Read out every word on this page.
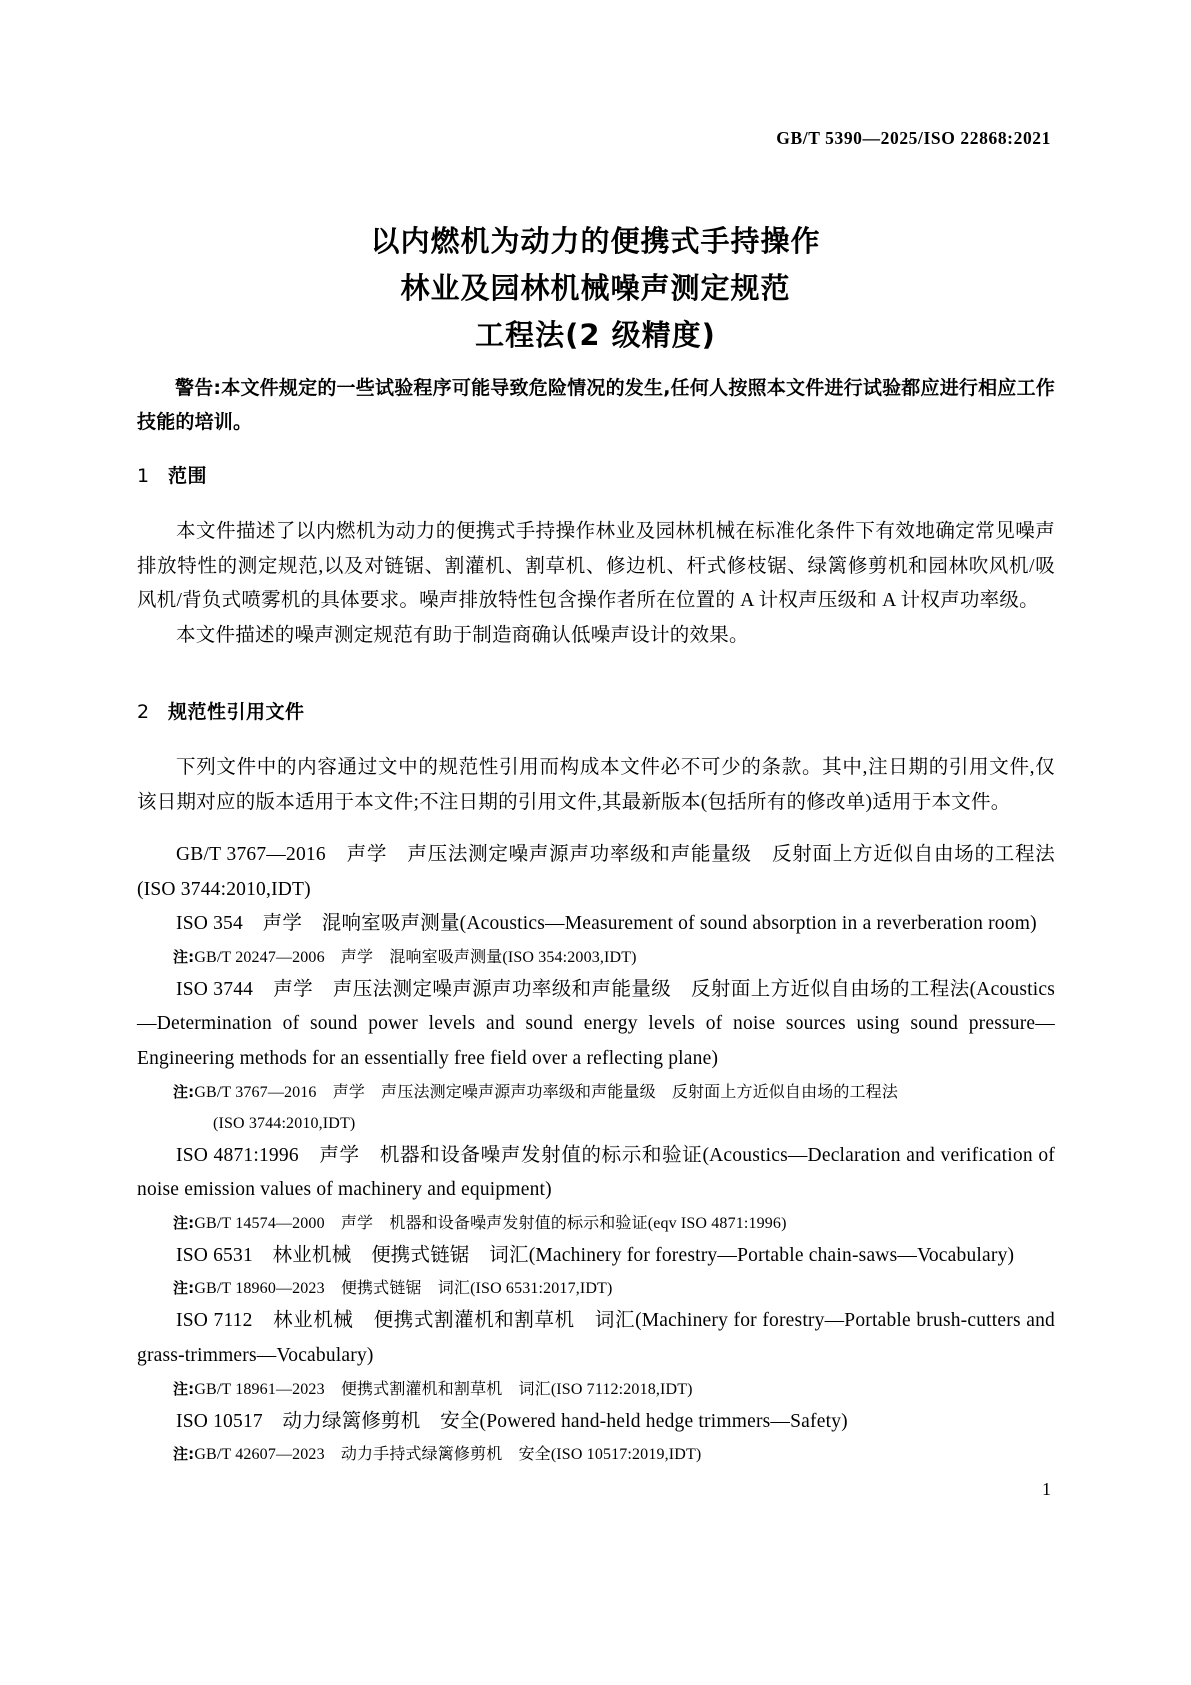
GB/T 5390—2025/ISO 22868:2021
以内燃机为动力的便携式手持操作
林业及园林机械噪声测定规范
工程法(2 级精度)
警告:本文件规定的一些试验程序可能导致危险情况的发生,任何人按照本文件进行试验都应进行相应工作技能的培训。
1 范围
本文件描述了以内燃机为动力的便携式手持操作林业及园林机械在标准化条件下有效地确定常见噪声排放特性的测定规范,以及对链锯、割灌机、割草机、修边机、杆式修枝锯、绿篱修剪机和园林吹风机/吸风机/背负式喷雾机的具体要求。噪声排放特性包含操作者所在位置的 A 计权声压级和 A 计权声功率级。
本文件描述的噪声测定规范有助于制造商确认低噪声设计的效果。
2 规范性引用文件
下列文件中的内容通过文中的规范性引用而构成本文件必不可少的条款。其中,注日期的引用文件,仅该日期对应的版本适用于本文件;不注日期的引用文件,其最新版本(包括所有的修改单)适用于本文件。
GB/T 3767—2016　声学　声压法测定噪声源声功率级和声能量级　反射面上方近似自由场的工程法(ISO 3744:2010,IDT)
ISO 354　声学　混响室吸声测量(Acoustics—Measurement of sound absorption in a reverberation room)
注:GB/T 20247—2006　声学　混响室吸声测量(ISO 354:2003,IDT)
ISO 3744　声学　声压法测定噪声源声功率级和声能量级　反射面上方近似自由场的工程法(Acoustics—Determination of sound power levels and sound energy levels of noise sources using sound pressure—Engineering methods for an essentially free field over a reflecting plane)
注:GB/T 3767—2016　声学　声压法测定噪声源声功率级和声能量级　反射面上方近似自由场的工程法
(ISO 3744:2010,IDT)
ISO 4871:1996　声学　机器和设备噪声发射值的标示和验证(Acoustics—Declaration and verification of noise emission values of machinery and equipment)
注:GB/T 14574—2000　声学　机器和设备噪声发射值的标示和验证(eqv ISO 4871:1996)
ISO 6531　林业机械　便携式链锯　词汇(Machinery for forestry—Portable chain-saws—Vocabulary)
注:GB/T 18960—2023　便携式链锯　词汇(ISO 6531:2017,IDT)
ISO 7112　林业机械　便携式割灌机和割草机　词汇(Machinery for forestry—Portable brush-cutters and grass-trimmers—Vocabulary)
注:GB/T 18961—2023　便携式割灌机和割草机　词汇(ISO 7112:2018,IDT)
ISO 10517　动力绿篱修剪机　安全(Powered hand-held hedge trimmers—Safety)
注:GB/T 42607—2023　动力手持式绿篱修剪机　安全(ISO 10517:2019,IDT)
1
